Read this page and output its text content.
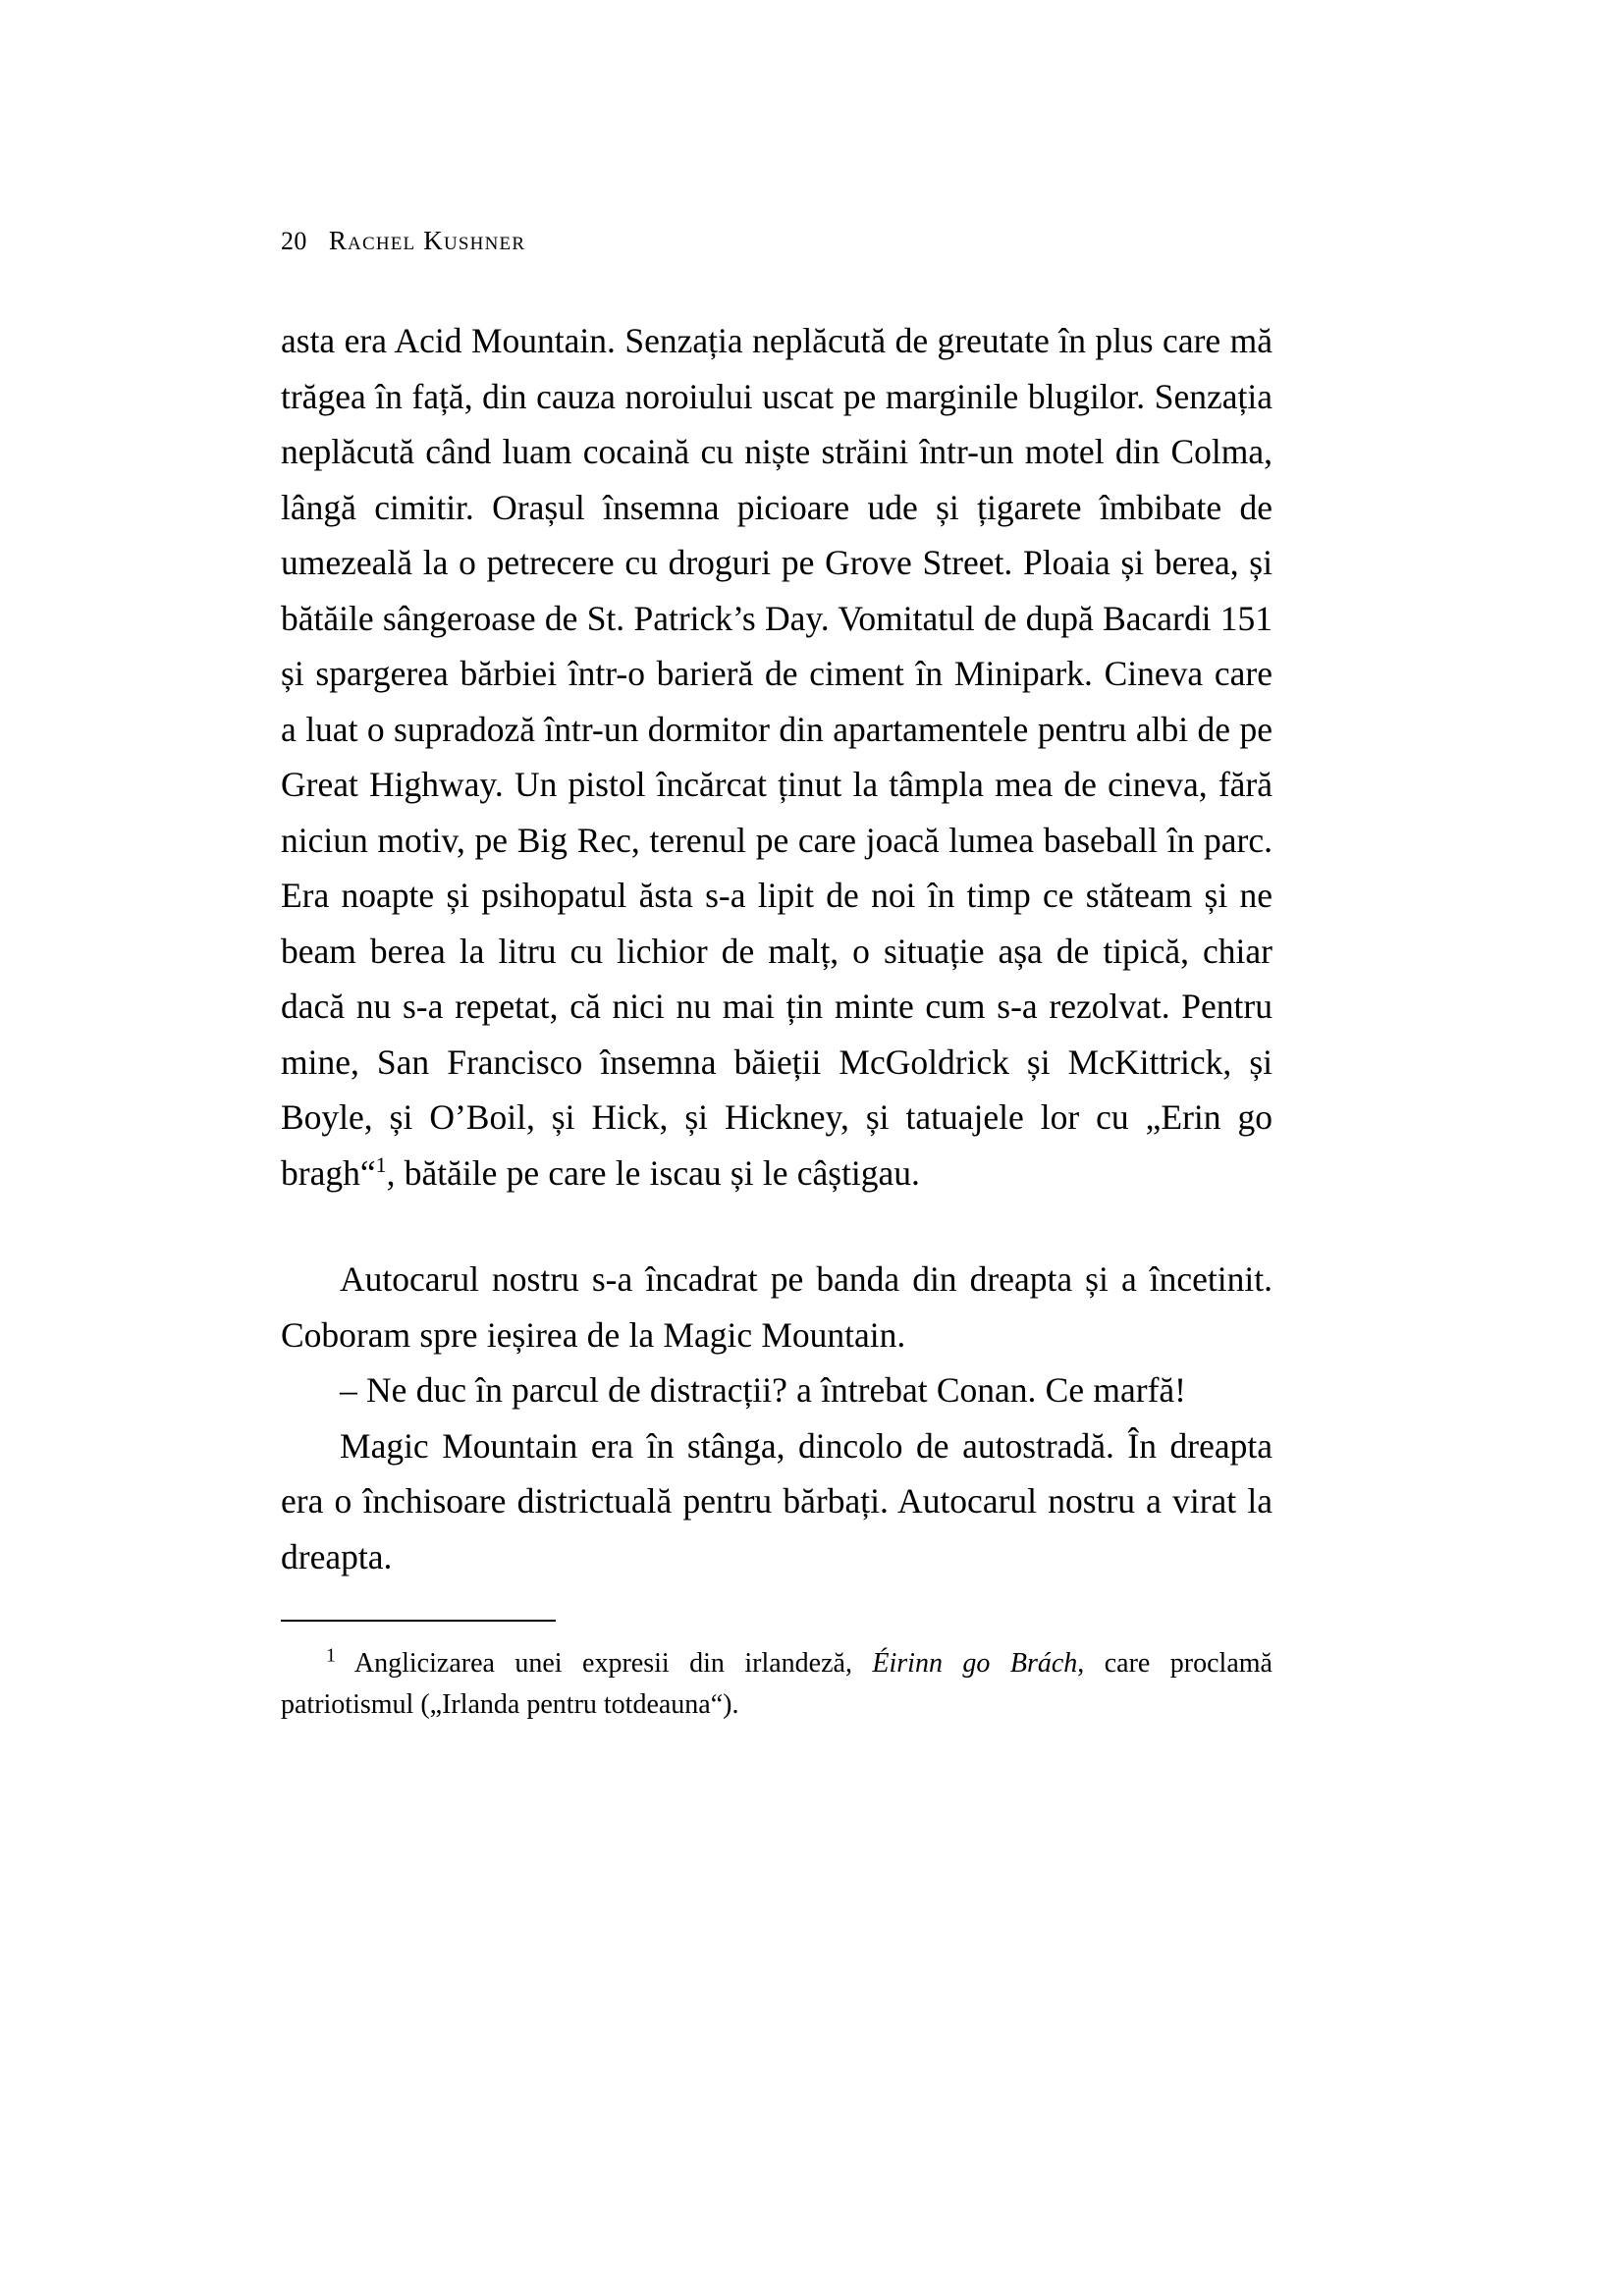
20 Rachel Kushner

asta era Acid Mountain. Senzația neplăcută de greutate în plus care mă trăgea în față, din cauza noroiului uscat pe marginile blugilor. Senzația neplăcută când luam cocaină cu niște străini într-un motel din Colma, lângă cimitir. Orașul însemna picioare ude și țigarete îmbibate de umezeală la o petrecere cu droguri pe Grove Street. Ploaia și berea, și bătăile sângeroase de St. Patrick’s Day. Vomitatul de după Bacardi 151 și spargerea bărbiei într-o barieră de ciment în Minipark. Cineva care a luat o supradoză într-un dormitor din apartamentele pentru albi de pe Great Highway. Un pistol încărcat ținut la tâmpla mea de cineva, fără niciun motiv, pe Big Rec, terenul pe care joacă lumea baseball în parc. Era noapte și psihopatul ăsta s-a lipit de noi în timp ce stăteam și ne beam berea la litru cu lichior de malț, o situație așa de tipică, chiar dacă nu s-a repetat, că nici nu mai țin minte cum s-a rezolvat. Pentru mine, San Francisco însemna băieții McGoldrick și McKittrick, și Boyle, și O’Boil, și Hick, și Hickney, și tatuajele lor cu „Erin go bragh“$^1$, bătăile pe care le iscau și le câștigau.

Autocarul nostru s-a încadrat pe banda din dreapta și a încetinit. Coboram spre ieșirea de la Magic Mountain.

– Ne duc în parcul de distracții? a întrebat Conan. Ce marfă!

Magic Mountain era în stânga, dincolo de autostradă. În dreapta era o închisoare districtuală pentru bărbați. Autocarul nostru a virat la dreapta.

$^1$ Anglicizarea unei expresii din irlandeză, Éirinn go Brách, care proclamă patriotismul („Irlanda pentru totdeauna“).
